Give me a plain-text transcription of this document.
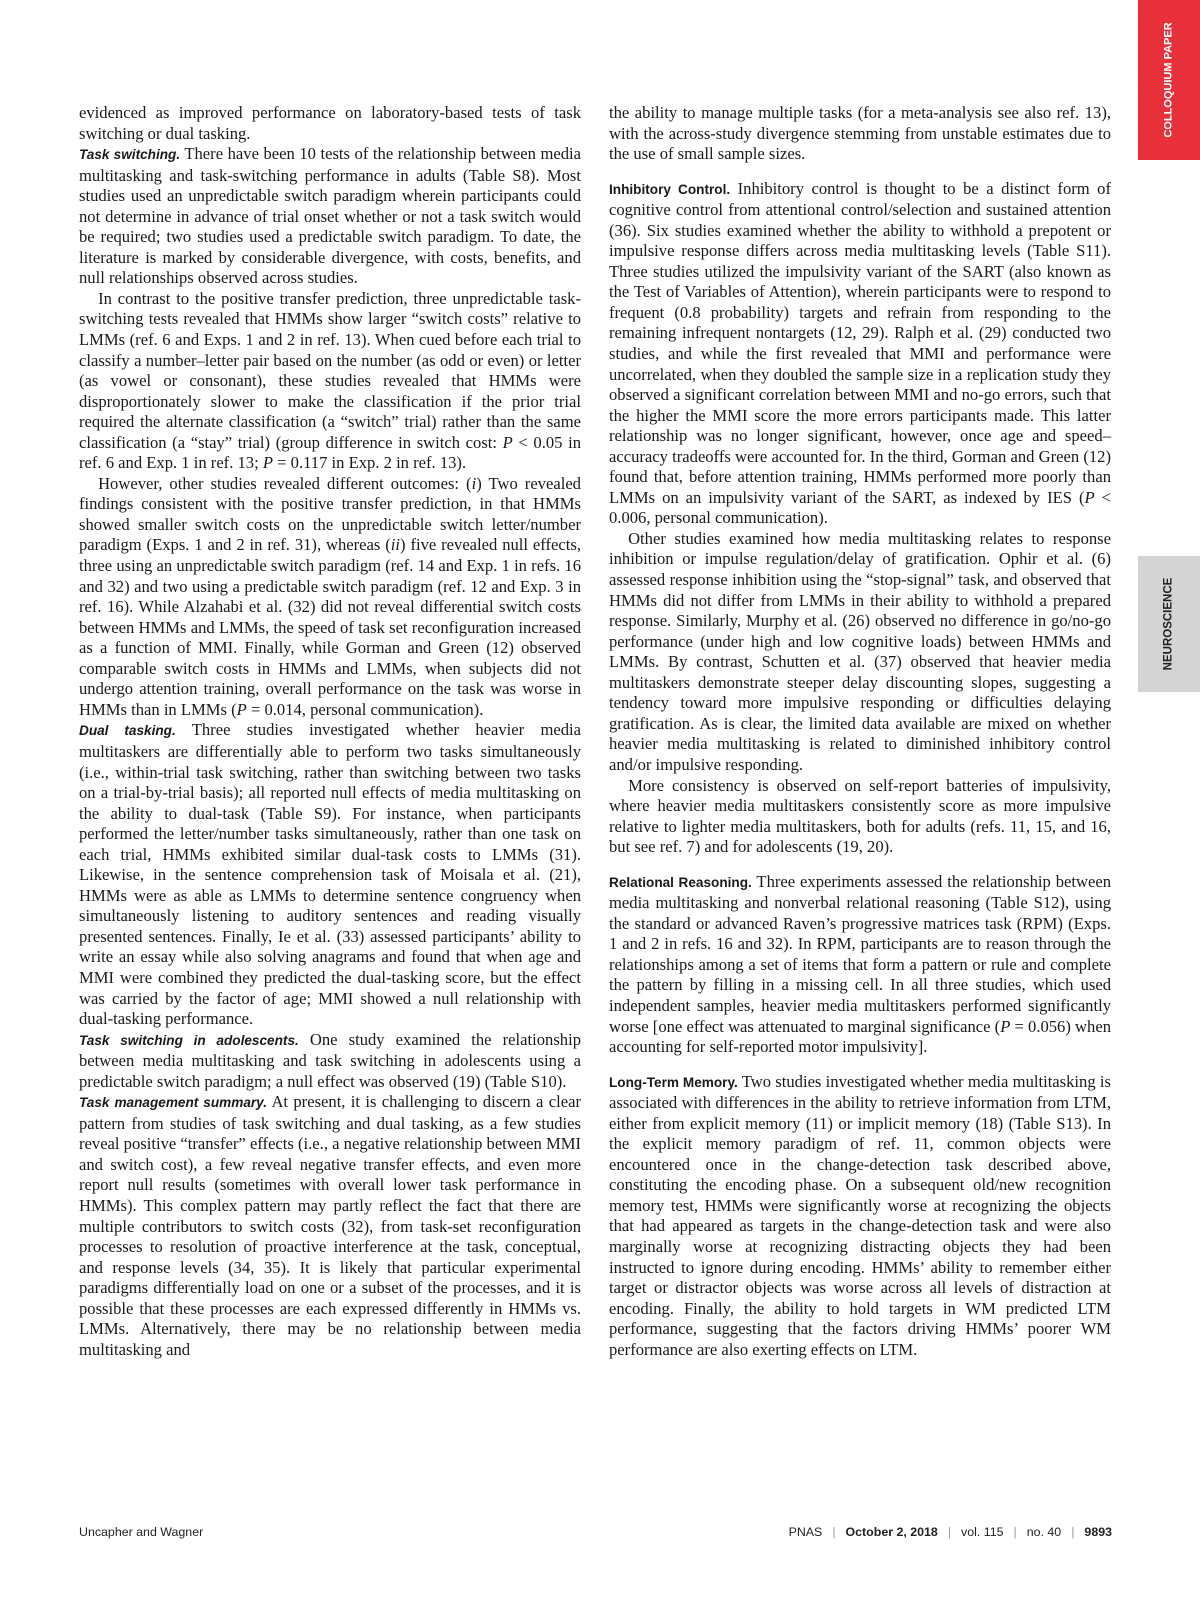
COLLOQUIUM PAPER
NEUROSCIENCE

evidenced as improved performance on laboratory-based tests of task switching or dual tasking.

Task switching. There have been 10 tests of the relationship between media multitasking and task-switching performance in adults (Table S8). Most studies used an unpredictable switch paradigm wherein participants could not determine in advance of trial onset whether or not a task switch would be required; two studies used a predictable switch paradigm. To date, the literature is marked by considerable divergence, with costs, benefits, and null relationships observed across studies.

In contrast to the positive transfer prediction, three unpredictable task-switching tests revealed that HMMs show larger “switch costs” relative to LMMs (ref. 6 and Exps. 1 and 2 in ref. 13). When cued before each trial to classify a number–letter pair based on the number (as odd or even) or letter (as vowel or consonant), these studies revealed that HMMs were disproportionately slower to make the classification if the prior trial required the alternate classification (a “switch” trial) rather than the same classification (a “stay” trial) (group difference in switch cost: P < 0.05 in ref. 6 and Exp. 1 in ref. 13; P = 0.117 in Exp. 2 in ref. 13).

However, other studies revealed different outcomes: (i) Two revealed findings consistent with the positive transfer prediction, in that HMMs showed smaller switch costs on the unpredictable switch letter/number paradigm (Exps. 1 and 2 in ref. 31), whereas (ii) five revealed null effects, three using an unpredictable switch paradigm (ref. 14 and Exp. 1 in refs. 16 and 32) and two using a predictable switch paradigm (ref. 12 and Exp. 3 in ref. 16). While Alzahabi et al. (32) did not reveal differential switch costs between HMMs and LMMs, the speed of task set reconfiguration increased as a function of MMI. Finally, while Gorman and Green (12) observed comparable switch costs in HMMs and LMMs, when subjects did not undergo attention training, overall performance on the task was worse in HMMs than in LMMs (P = 0.014, personal communication).

Dual tasking. Three studies investigated whether heavier media multitaskers are differentially able to perform two tasks simultaneously (i.e., within-trial task switching, rather than switching between two tasks on a trial-by-trial basis); all reported null effects of media multitasking on the ability to dual-task (Table S9). For instance, when participants performed the letter/number tasks simultaneously, rather than one task on each trial, HMMs exhibited similar dual-task costs to LMMs (31). Likewise, in the sentence comprehension task of Moisala et al. (21), HMMs were as able as LMMs to determine sentence congruency when simultaneously listening to auditory sentences and reading visually presented sentences. Finally, Ie et al. (33) assessed participants’ ability to write an essay while also solving anagrams and found that when age and MMI were combined they predicted the dual-tasking score, but the effect was carried by the factor of age; MMI showed a null relationship with dual-tasking performance.

Task switching in adolescents. One study examined the relationship between media multitasking and task switching in adolescents using a predictable switch paradigm; a null effect was observed (19) (Table S10).

Task management summary. At present, it is challenging to discern a clear pattern from studies of task switching and dual tasking, as a few studies reveal positive “transfer” effects (i.e., a negative relationship between MMI and switch cost), a few reveal negative transfer effects, and even more report null results (sometimes with overall lower task performance in HMMs). This complex pattern may partly reflect the fact that there are multiple contributors to switch costs (32), from task-set reconfiguration processes to resolution of proactive interference at the task, conceptual, and response levels (34, 35). It is likely that particular experimental paradigms differentially load on one or a subset of the processes, and it is possible that these processes are each expressed differently in HMMs vs. LMMs. Alternatively, there may be no relationship between media multitasking and

the ability to manage multiple tasks (for a meta-analysis see also ref. 13), with the across-study divergence stemming from unstable estimates due to the use of small sample sizes.

Inhibitory Control. Inhibitory control is thought to be a distinct form of cognitive control from attentional control/selection and sustained attention (36). Six studies examined whether the ability to withhold a prepotent or impulsive response differs across media multitasking levels (Table S11). Three studies utilized the impulsivity variant of the SART (also known as the Test of Variables of Attention), wherein participants were to respond to frequent (0.8 probability) targets and refrain from responding to the remaining infrequent nontargets (12, 29). Ralph et al. (29) conducted two studies, and while the first revealed that MMI and performance were uncorrelated, when they doubled the sample size in a replication study they observed a significant correlation between MMI and no-go errors, such that the higher the MMI score the more errors participants made. This latter relationship was no longer significant, however, once age and speed–accuracy tradeoffs were accounted for. In the third, Gorman and Green (12) found that, before attention training, HMMs performed more poorly than LMMs on an impulsivity variant of the SART, as indexed by IES (P < 0.006, personal communication).

Other studies examined how media multitasking relates to response inhibition or impulse regulation/delay of gratification. Ophir et al. (6) assessed response inhibition using the “stop-signal” task, and observed that HMMs did not differ from LMMs in their ability to withhold a prepared response. Similarly, Murphy et al. (26) observed no difference in go/no-go performance (under high and low cognitive loads) between HMMs and LMMs. By contrast, Schutten et al. (37) observed that heavier media multitaskers demonstrate steeper delay discounting slopes, suggesting a tendency toward more impulsive responding or difficulties delaying gratification. As is clear, the limited data available are mixed on whether heavier media multitasking is related to diminished inhibitory control and/or impulsive responding.

More consistency is observed on self-report batteries of impulsivity, where heavier media multitaskers consistently score as more impulsive relative to lighter media multitaskers, both for adults (refs. 11, 15, and 16, but see ref. 7) and for adolescents (19, 20).

Relational Reasoning. Three experiments assessed the relationship between media multitasking and nonverbal relational reasoning (Table S12), using the standard or advanced Raven’s progressive matrices task (RPM) (Exps. 1 and 2 in refs. 16 and 32). In RPM, participants are to reason through the relationships among a set of items that form a pattern or rule and complete the pattern by filling in a missing cell. In all three studies, which used independent samples, heavier media multitaskers performed significantly worse [one effect was attenuated to marginal significance (P = 0.056) when accounting for self-reported motor impulsivity].

Long-Term Memory. Two studies investigated whether media multitasking is associated with differences in the ability to retrieve information from LTM, either from explicit memory (11) or implicit memory (18) (Table S13). In the explicit memory paradigm of ref. 11, common objects were encountered once in the change-detection task described above, constituting the encoding phase. On a subsequent old/new recognition memory test, HMMs were significantly worse at recognizing the objects that had appeared as targets in the change-detection task and were also marginally worse at recognizing distracting objects they had been instructed to ignore during encoding. HMMs’ ability to remember either target or distractor objects was worse across all levels of distraction at encoding. Finally, the ability to hold targets in WM predicted LTM performance, suggesting that the factors driving HMMs’ poorer WM performance are also exerting effects on LTM.

Uncapher and Wagner	PNAS | October 2, 2018 | vol. 115 | no. 40 | 9893
